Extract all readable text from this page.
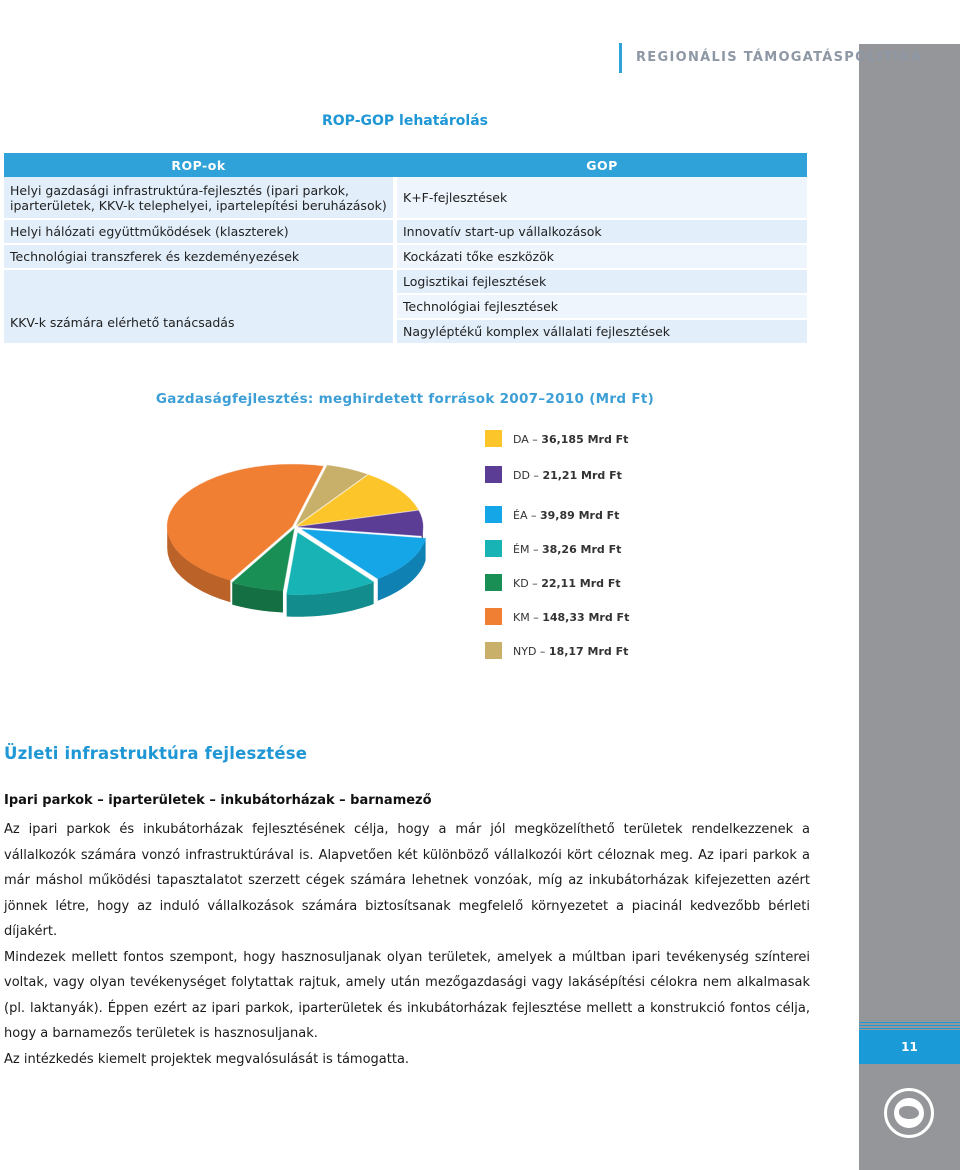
11
REGIONÁLIS TÁMOGATÁSPOLITIKA
ROP-GOP lehatárolás
ROP-ok		GOP
Helyi gazdasági infrastruktúra-fejlesztés (ipari parkok, iparterületek, KKV-k telephelyei, ipartelepítési beruházások)		K+F-fejlesztések
Helyi hálózati együttműködések (klaszterek)		Innovatív start-up vállalkozások
Technológiai transzferek és kezdeményezések		Kockázati tőke eszközök

KKV-k számára elérhető tanácsadás		Logisztikai fejlesztések
		Technológiai fejlesztések
		Nagyléptékű komplex vállalati fejlesztések
Gazdaságfejlesztés: meghirdetett források 2007–2010 (Mrd Ft)
DA – 36,185 Mrd Ft
DD – 21,21 Mrd Ft
ÉA – 39,89 Mrd Ft
ÉM – 38,26 Mrd Ft
KD – 22,11 Mrd Ft
KM – 148,33 Mrd Ft
NYD – 18,17 Mrd Ft
Üzleti infrastruktúra fejlesztése
Ipari parkok – iparterületek – inkubátorházak – barnamező

Az ipari parkok és inkubátorházak fejlesztésének célja, hogy a már jól megközelíthető területek rendelkezzenek a vállalkozók számára vonzó infrastruktúrával is. Alapvetően két különböző vállalkozói kört céloznak meg. Az ipari parkok a már máshol működési tapasztalatot szerzett cégek számára lehetnek vonzóak, míg az inkubátorházak kifejezetten azért jönnek létre, hogy az induló vállalkozások számára biztosítsanak megfelelő környezetet a piacinál kedvezőbb bérleti díjakért.

Mindezek mellett fontos szempont, hogy hasznosuljanak olyan területek, amelyek a múltban ipari tevékenység színterei voltak, vagy olyan tevékenységet folytattak rajtuk, amely után mezőgazdasági vagy lakásépítési célokra nem alkalmasak (pl. laktanyák). Éppen ezért az ipari parkok, iparterületek és inkubátorházak fejlesztése mellett a konstrukció fontos célja, hogy a barnamezős területek is hasznosuljanak.

Az intézkedés kiemelt projektek megvalósulását is támogatta.
